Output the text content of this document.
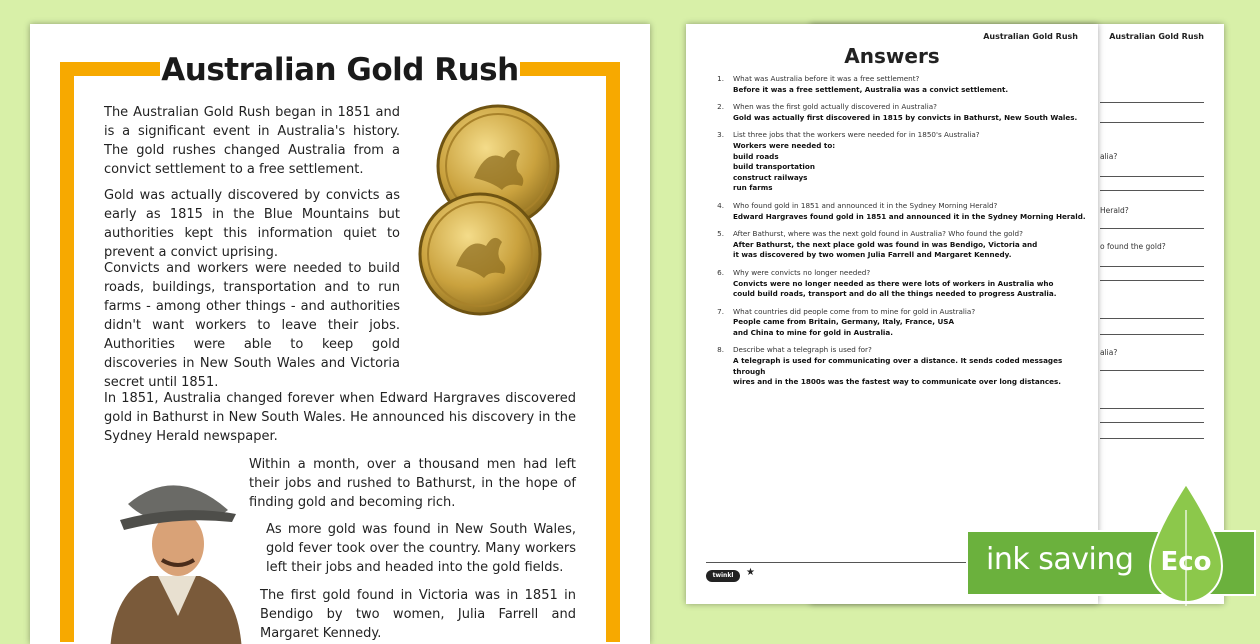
Australian Gold Rush
alia?
Herald?
o found the gold?
alia?
Australian Gold Rush

The Australian Gold Rush began in 1851 and is a significant event in Australia's history. The gold rushes changed Australia from a convict settlement to a free settlement.

Gold was actually discovered by convicts as early as 1815 in the Blue Mountains but authorities kept this information quiet to prevent a convict uprising.

Convicts and workers were needed to build roads, buildings, transportation and to run farms - among other things - and authorities didn't want workers to leave their jobs. Authorities were able to keep gold discoveries in New South Wales and Victoria secret until 1851.

In 1851, Australia changed forever when Edward Hargraves discovered gold in Bathurst in New South Wales. He announced his discovery in the Sydney Herald newspaper.

Within a month, over a thousand men had left their jobs and rushed to Bathurst, in the hope of finding gold and becoming rich.

As more gold was found in New South Wales, gold fever took over the country. Many workers left their jobs and headed into the gold fields.

The first gold found in Victoria was in 1851 in Bendigo by two women, Julia Farrell and Margaret Kennedy.

Australian Gold Rush
Answers
1.	What was Australia before it was a free settlement?
Before it was a free settlement, Australia was a convict settlement.
2.	When was the first gold actually discovered in Australia?
Gold was actually first discovered in 1815 by convicts in Bathurst, New South Wales.
3.	List three jobs that the workers were needed for in 1850's Australia?
Workers were needed to:
build roads
build transportation
construct railways
run farms
4.	Who found gold in 1851 and announced it in the Sydney Morning Herald?
Edward Hargraves found gold in 1851 and announced it in the Sydney Morning Herald.
5.	After Bathurst, where was the next gold found in Australia? Who found the gold?
After Bathurst, the next place gold was found in was Bendigo, Victoria and
it was discovered by two women Julia Farrell and Margaret Kennedy.
6.	Why were convicts no longer needed?
Convicts were no longer needed as there were lots of workers in Australia who
could build roads, transport and do all the things needed to progress Australia.
7.	What countries did people come from to mine for gold in Australia?
People came from Britain, Germany, Italy, France, USA
and China to mine for gold in Australia.
8.	Describe what a telegraph is used for?
A telegraph is used for communicating over a distance. It sends coded messages through
wires and in the 1800s was the fastest way to communicate over long distances.
twinkl	★	ink saving Eco
